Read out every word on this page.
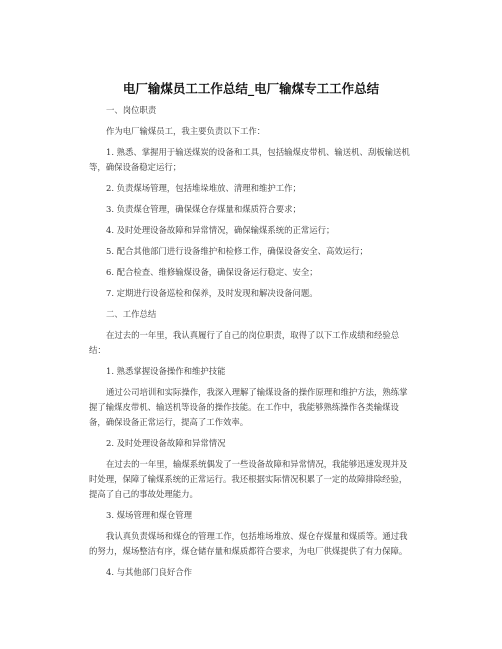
电厂输煤员工工作总结_电厂输煤专工工作总结

一、岗位职责

作为电厂输煤员工，我主要负责以下工作：

1. 熟悉、掌握用于输送煤炭的设备和工具，包括输煤皮带机、输送机、刮板输送机等，确保设备稳定运行；

2. 负责煤场管理，包括堆垛堆放、清理和维护工作；

3. 负责煤仓管理，确保煤仓存煤量和煤质符合要求；

4. 及时处理设备故障和异常情况，确保输煤系统的正常运行；

5. 配合其他部门进行设备维护和检修工作，确保设备安全、高效运行；

6. 配合检查、维修输煤设备，确保设备运行稳定、安全；

7. 定期进行设备巡检和保养，及时发现和解决设备问题。

二、工作总结

在过去的一年里，我认真履行了自己的岗位职责，取得了以下工作成绩和经验总结：

1. 熟悉掌握设备操作和维护技能

通过公司培训和实际操作，我深入理解了输煤设备的操作原理和维护方法，熟练掌握了输煤皮带机、输送机等设备的操作技能。在工作中，我能够熟练操作各类输煤设备，确保设备正常运行，提高了工作效率。

2. 及时处理设备故障和异常情况

在过去的一年里，输煤系统偶发了一些设备故障和异常情况，我能够迅速发现并及时处理，保障了输煤系统的正常运行。我还根据实际情况积累了一定的故障排除经验，提高了自己的事故处理能力。

3. 煤场管理和煤仓管理

我认真负责煤场和煤仓的管理工作，包括堆场堆放、煤仓存煤量和煤质等。通过我的努力，煤场整洁有序，煤仓储存量和煤质都符合要求，为电厂供煤提供了有力保障。

4. 与其他部门良好合作
